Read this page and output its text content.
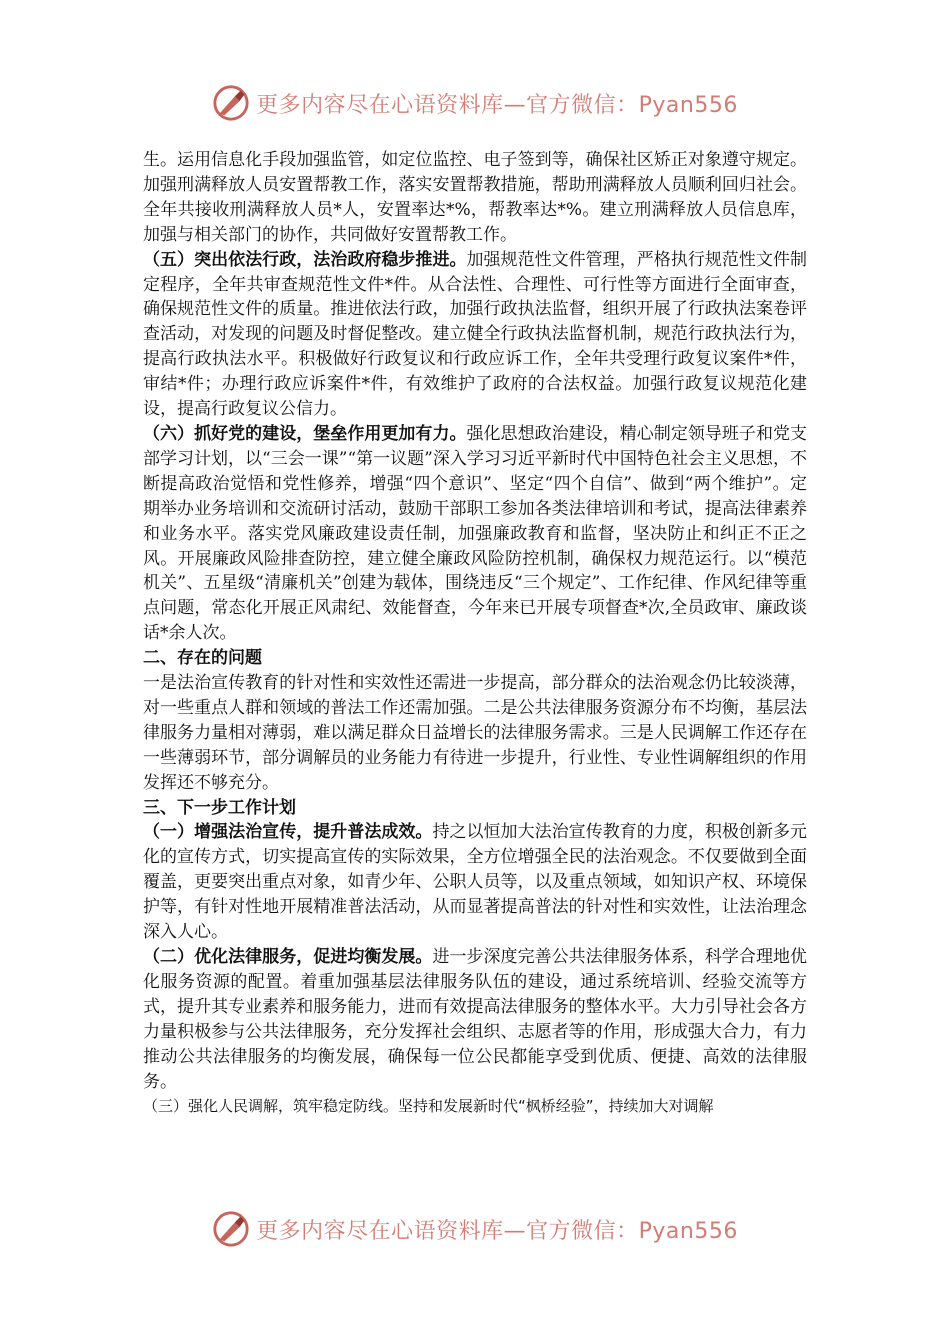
更多内容尽在心语资料库—官方微信：Pyan556

生。运用信息化手段加强监管，如定位监控、电子签到等，确保社区矫正对象遵守规定。加强刑满释放人员安置帮教工作，落实安置帮教措施，帮助刑满释放人员顺利回归社会。全年共接收刑满释放人员*人，安置率达*%，帮教率达*%。建立刑满释放人员信息库，加强与相关部门的协作，共同做好安置帮教工作。

（五）突出依法行政，法治政府稳步推进。加强规范性文件管理，严格执行规范性文件制定程序，全年共审查规范性文件*件。从合法性、合理性、可行性等方面进行全面审查，确保规范性文件的质量。推进依法行政，加强行政执法监督，组织开展了行政执法案卷评查活动，对发现的问题及时督促整改。建立健全行政执法监督机制，规范行政执法行为，提高行政执法水平。积极做好行政复议和行政应诉工作，全年共受理行政复议案件*件，审结*件；办理行政应诉案件*件，有效维护了政府的合法权益。加强行政复议规范化建设，提高行政复议公信力。

（六）抓好党的建设，堡垒作用更加有力。强化思想政治建设，精心制定领导班子和党支部学习计划，以“三会一课”“第一议题”深入学习习近平新时代中国特色社会主义思想，不断提高政治觉悟和党性修养，增强“四个意识”、坚定“四个自信”、做到“两个维护”。定期举办业务培训和交流研讨活动，鼓励干部职工参加各类法律培训和考试，提高法律素养和业务水平。落实党风廉政建设责任制，加强廉政教育和监督，坚决防止和纠正不正之风。开展廉政风险排查防控，建立健全廉政风险防控机制，确保权力规范运行。以“模范机关”、五星级“清廉机关”创建为载体，围绕违反“三个规定”、工作纪律、作风纪律等重点问题，常态化开展正风肃纪、效能督查，今年来已开展专项督查*次,全员政审、廉政谈话*余人次。

二、存在的问题

一是法治宣传教育的针对性和实效性还需进一步提高，部分群众的法治观念仍比较淡薄，对一些重点人群和领域的普法工作还需加强。二是公共法律服务资源分布不均衡，基层法律服务力量相对薄弱，难以满足群众日益增长的法律服务需求。三是人民调解工作还存在一些薄弱环节，部分调解员的业务能力有待进一步提升，行业性、专业性调解组织的作用发挥还不够充分。

三、下一步工作计划

（一）增强法治宣传，提升普法成效。持之以恒加大法治宣传教育的力度，积极创新多元化的宣传方式，切实提高宣传的实际效果，全方位增强全民的法治观念。不仅要做到全面覆盖，更要突出重点对象，如青少年、公职人员等，以及重点领域，如知识产权、环境保护等，有针对性地开展精准普法活动，从而显著提高普法的针对性和实效性，让法治理念深入人心。

（二）优化法律服务，促进均衡发展。进一步深度完善公共法律服务体系，科学合理地优化服务资源的配置。着重加强基层法律服务队伍的建设，通过系统培训、经验交流等方式，提升其专业素养和服务能力，进而有效提高法律服务的整体水平。大力引导社会各方力量积极参与公共法律服务，充分发挥社会组织、志愿者等的作用，形成强大合力，有力推动公共法律服务的均衡发展，确保每一位公民都能享受到优质、便捷、高效的法律服务。

（三）强化人民调解，筑牢稳定防线。坚持和发展新时代“枫桥经验”，持续加大对调解

更多内容尽在心语资料库—官方微信：Pyan556
